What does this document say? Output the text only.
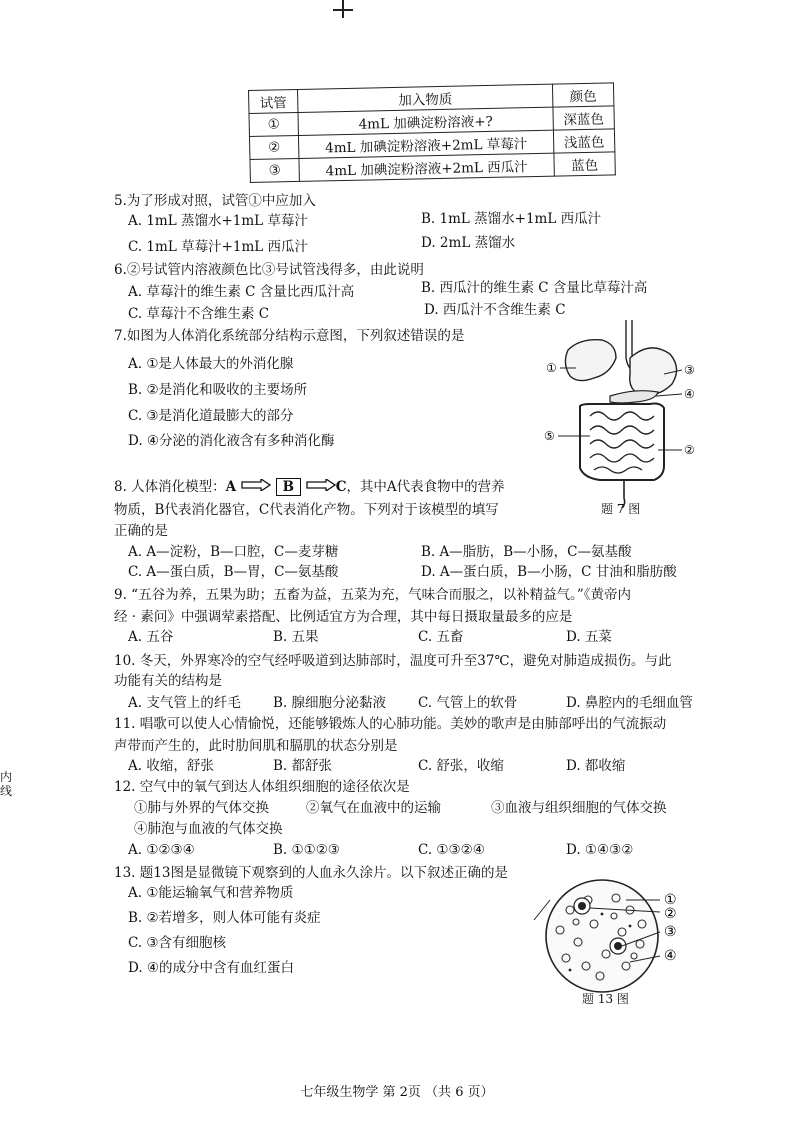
试管	加入物质	颜色
①	4mL 加碘淀粉溶液+?	深蓝色
②	4mL 加碘淀粉溶液+2mL 草莓汁	浅蓝色
③	4mL 加碘淀粉溶液+2mL 西瓜汁	蓝色
5.为了形成对照，试管①中应加入
A. 1mL 蒸馏水+1mL 草莓汁	B. 1mL 蒸馏水+1mL 西瓜汁
C. 1mL 草莓汁+1mL 西瓜汁	D. 2mL 蒸馏水
6.②号试管内溶液颜色比③号试管浅得多，由此说明
A. 草莓汁的维生素 C 含量比西瓜汁高	B. 西瓜汁的维生素 C 含量比草莓汁高
C. 草莓汁不含维生素 C	D. 西瓜汁不含维生素 C
7.如图为人体消化系统部分结构示意图，下列叙述错误的是
A. ①是人体最大的外消化腺
B. ②是消化和吸收的主要场所
C. ③是消化道最膨大的部分
D. ④分泌的消化液含有多种消化酶
①
②
③
④
⑤
题 7 图
8. 人体消化模型：A	B	C，其中A代表食物中的营养
物质，B代表消化器官，C代表消化产物。下列对于该模型的填写
正确的是
A. A—淀粉，B—口腔，C—麦芽糖	B. A—脂肪，B—小肠，C—氨基酸
C. A—蛋白质，B—胃，C—氨基酸	D. A—蛋白质，B—小肠，C 甘油和脂肪酸
9. “五谷为养，五果为助；五畜为益，五菜为充，气味合而服之，以补精益气。”《黄帝内
经 · 素问》中强调荤素搭配、比例适宜方为合理，其中每日摄取量最多的应是
A. 五谷	B. 五果	C. 五畜	D. 五菜
10. 冬天，外界寒冷的空气经呼吸道到达肺部时，温度可升至37℃，避免对肺造成损伤。与此
功能有关的结构是
A. 支气管上的纤毛 B. 腺细胞分泌黏液 C. 气管上的软骨	D. 鼻腔内的毛细血管
11. 唱歌可以使人心情愉悦，还能够锻炼人的心肺功能。美妙的歌声是由肺部呼出的气流振动
声带而产生的，此时肋间肌和膈肌的状态分别是
A. 收缩，舒张	B. 都舒张	C. 舒张，收缩	D. 都收缩
12. 空气中的氧气到达人体组织细胞的途径依次是
①肺与外界的气体交换	②氧气在血液中的运输	③血液与组织细胞的气体交换
④肺泡与血液的气体交换
A. ①②③④	B. ①①②③	C. ①③②④	D. ①④③②
13. 题13图是显微镜下观察到的人血永久涂片。以下叙述正确的是
A. ①能运输氧气和营养物质
B. ②若增多，则人体可能有炎症
C. ③含有细胞核
D. ④的成分中含有血红蛋白
①
②
③
④
题 13 图
内
线
七年级生物学 第 2页 （共 6 页）
